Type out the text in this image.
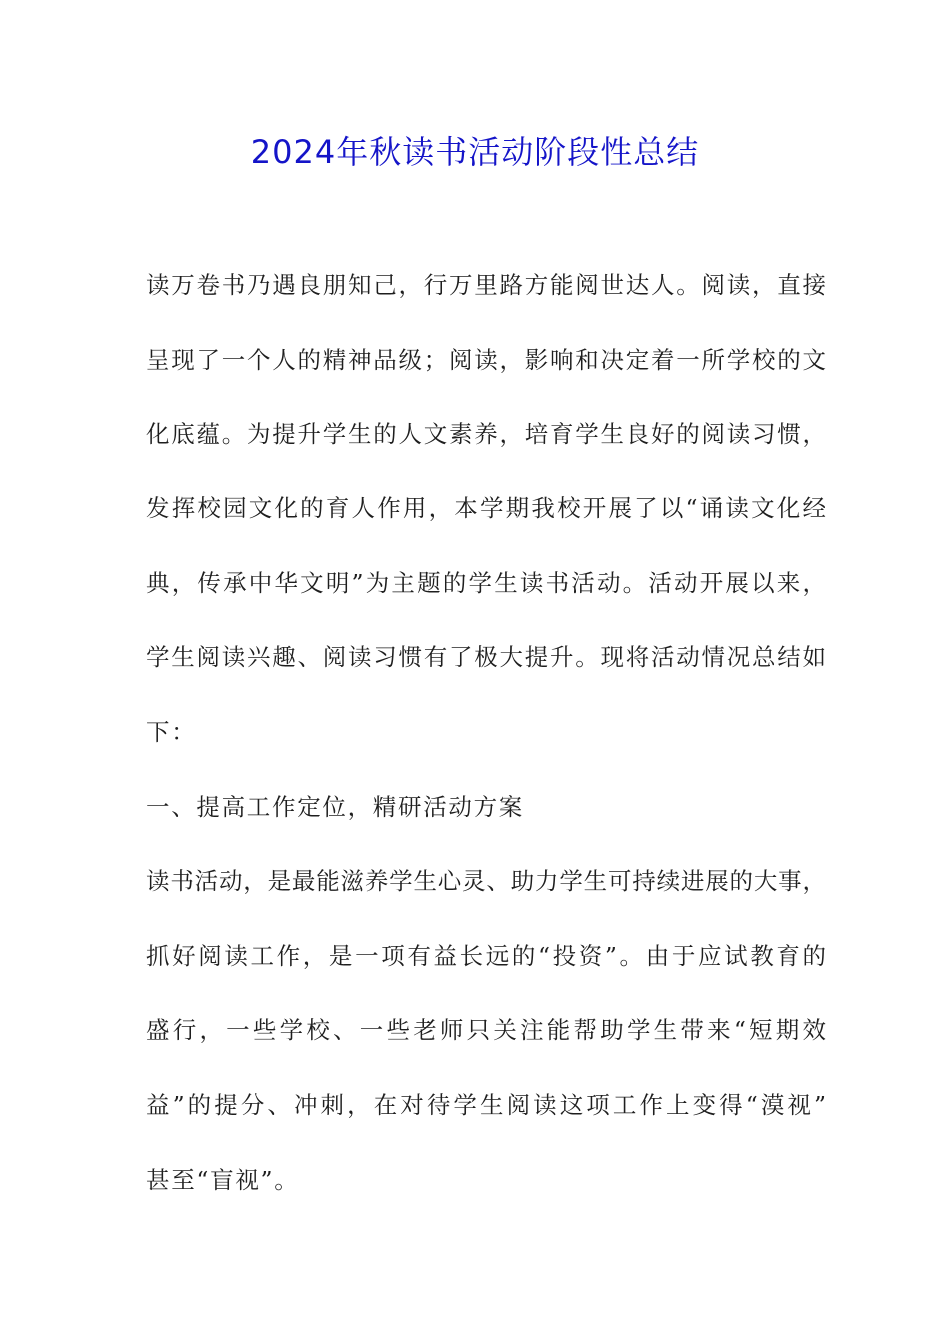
2024年秋读书活动阶段性总结
读万卷书乃遇良朋知己，行万里路方能阅世达人。阅读，直接
呈现了一个人的精神品级；阅读，影响和决定着一所学校的文
化底蕴。为提升学生的人文素养，培育学生良好的阅读习惯，
发挥校园文化的育人作用，本学期我校开展了以“诵读文化经
典，传承中华文明”为主题的学生读书活动。活动开展以来，
学生阅读兴趣、阅读习惯有了极大提升。现将活动情况总结如
下：
一、提高工作定位，精研活动方案
读书活动，是最能滋养学生心灵、助力学生可持续进展的大事，
抓好阅读工作，是一项有益长远的“投资”。由于应试教育的
盛行，一些学校、一些老师只关注能帮助学生带来“短期效
益”的提分、冲刺，在对待学生阅读这项工作上变得“漠视”
甚至“盲视”。
